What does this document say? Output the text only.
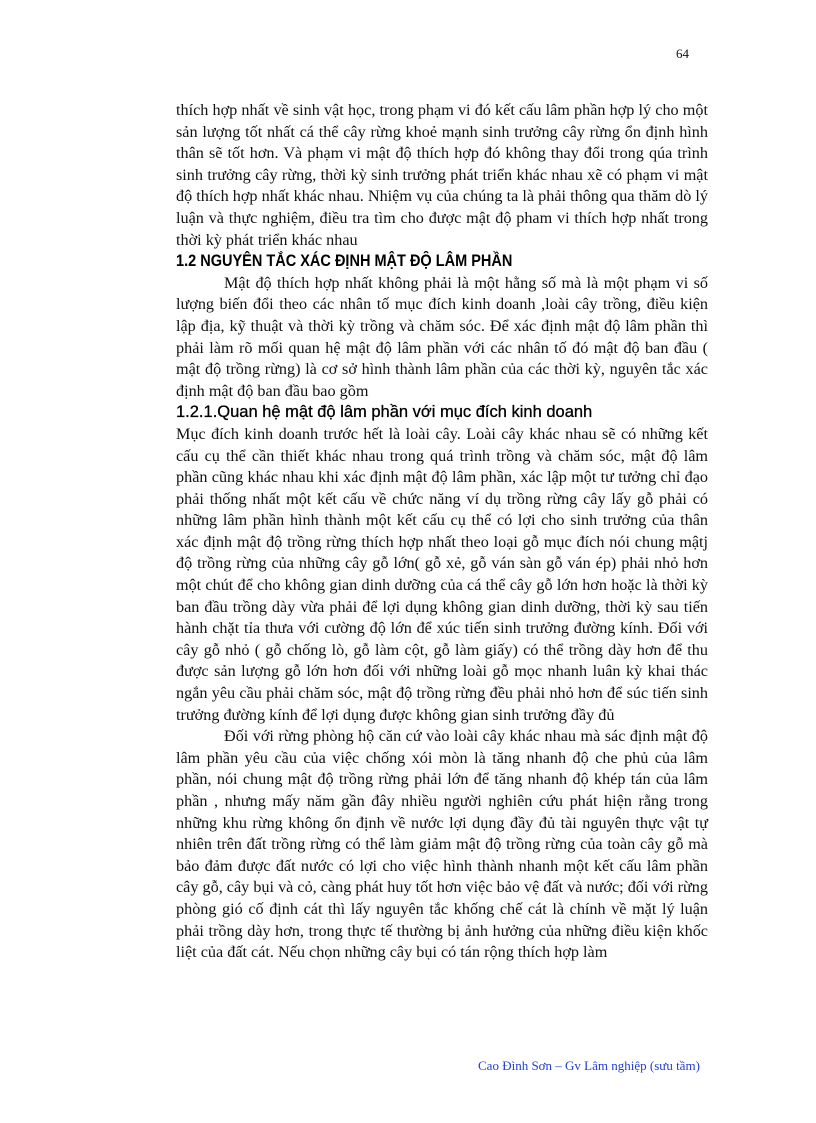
64

thích hợp nhất về sinh vật học, trong phạm vi đó kết cấu lâm phần hợp lý cho một sản lượng tốt nhất cá thể cây rừng khoẻ mạnh sinh trưởng cây rừng ổn định hình thân sẽ tốt hơn. Và phạm vi mật độ thích hợp đó không thay đổi trong qúa trình sinh trưởng cây rừng, thời kỳ sinh trưởng phát triển khác nhau xẽ có phạm vi mật độ thích hợp nhất khác nhau. Nhiệm vụ của chúng ta là phải thông qua thăm dò lý luận và thực nghiệm, điều tra tìm cho được mật độ pham vi thích hợp nhất trong thời kỳ phát triển khác nhau

1.2 NGUYÊN TẮC XÁC ĐỊNH MẬT ĐỘ LÂM PHẦN

Mật độ thích hợp nhất không phải là một hằng số mà là một phạm vi số lượng biến đổi theo các nhân tố mục đích kinh doanh ,loài cây trồng, điều kiện lập địa, kỹ thuật và thời kỳ trồng và chăm sóc. Để xác định mật độ lâm phần thì phải làm rõ mối quan hệ mật độ lâm phần với các nhân tố đó mật độ ban đầu ( mật độ trồng rừng) là cơ sở hình thành lâm phần của các thời kỳ, nguyên tắc xác định mật độ ban đầu bao gồm

1.2.1.Quan hệ mật độ lâm phần với mục đích kinh doanh

Mục đích kinh doanh trước hết là loài cây. Loài cây khác nhau sẽ có những kết cấu cụ thể cần thiết khác nhau trong quá trình trồng và chăm sóc, mật độ lâm phần cũng khác nhau khi xác định mật độ lâm phần, xác lập một tư tưởng chỉ đạo phải thống nhất một kết cấu về chức năng ví dụ trồng rừng cây lấy gỗ phải có những lâm phần hình thành một kết cấu cụ thể có lợi cho sinh trưởng của thân xác định mật độ trồng rừng thích hợp nhất theo loại gỗ mục đích nói chung mậtj độ trồng rừng của những cây gỗ lớn( gỗ xẻ, gỗ ván sàn gỗ ván ép) phải nhỏ hơn một chút để cho không gian dinh dưỡng của cá thể cây gỗ lớn hơn hoặc là thời kỳ ban đầu trồng dày vừa phải để lợi dụng không gian dinh dưỡng, thời kỳ sau tiến hành chặt tỉa thưa với cường độ lớn để xúc tiến sinh trưởng đường kính. Đối với cây gỗ nhỏ ( gỗ chống lò, gỗ làm cột, gỗ làm giấy) có thể trồng dày hơn để thu được sản lượng gỗ lớn hơn đối với những loài gỗ mọc nhanh luân kỳ khai thác ngắn yêu cầu phải chăm sóc, mật độ trồng rừng đều phải nhỏ hơn để súc tiến sinh trưởng đường kính để lợi dụng được không gian sinh trưởng đầy đủ

Đối với rừng phòng hộ căn cứ vào loài cây khác nhau mà sác định mật độ lâm phần yêu cầu của việc chống xói mòn là tăng nhanh độ che phủ của lâm phần, nói chung mật độ trồng rừng phải lớn để tăng nhanh độ khép tán của lâm phần , nhưng mấy năm gần đây nhiều người nghiên cứu phát hiện rằng trong những khu rừng không ổn định về nước lợi dụng đầy đủ tài nguyên thực vật tự nhiên trên đất trồng rừng có thể làm giảm mật độ trồng rừng của toàn cây gỗ mà bảo đảm được đất nước có lợi cho việc hình thành nhanh một kết cấu lâm phần cây gỗ, cây bụi và cỏ, càng phát huy tốt hơn việc bảo vệ đất và nước; đối với rừng phòng gió cố định cát thì lấy nguyên tắc khống chế cát là chính về mặt lý luận phải trồng dày hơn, trong thực tế thường bị ảnh hưởng của những điều kiện khốc liệt của đất cát. Nếu chọn những cây bụi có tán rộng thích hợp làm

Cao Đình Sơn – Gv Lâm nghiệp (sưu tầm)
